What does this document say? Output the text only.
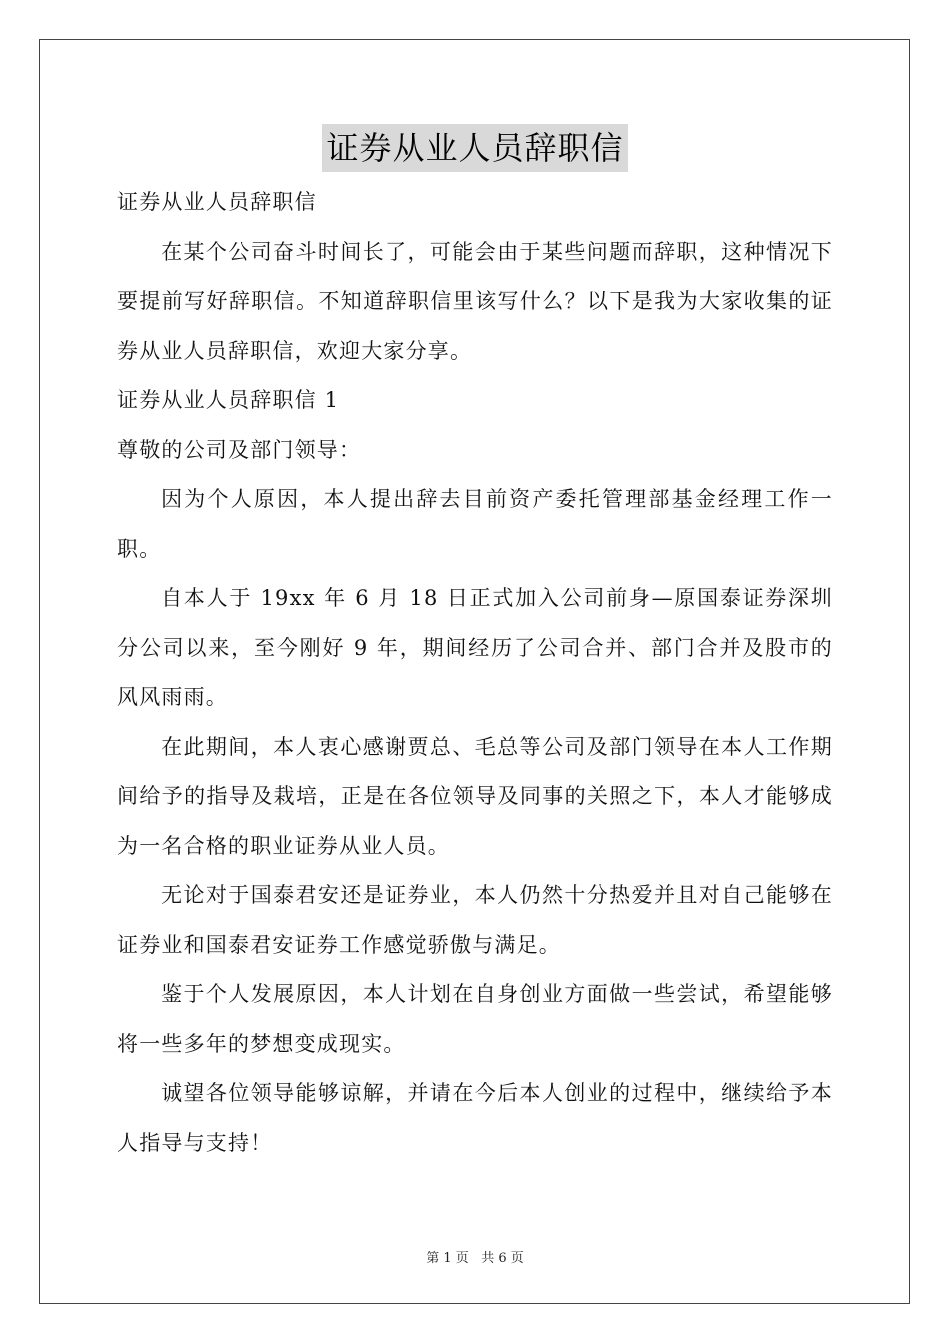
证券从业人员辞职信

证券从业人员辞职信

在某个公司奋斗时间长了，可能会由于某些问题而辞职，这种情况下要提前写好辞职信。不知道辞职信里该写什么？以下是我为大家收集的证券从业人员辞职信，欢迎大家分享。

证券从业人员辞职信 1

尊敬的公司及部门领导：

因为个人原因，本人提出辞去目前资产委托管理部基金经理工作一职。

自本人于 19xx 年 6 月 18 日正式加入公司前身—原国泰证券深圳分公司以来，至今刚好 9 年，期间经历了公司合并、部门合并及股市的风风雨雨。

在此期间，本人衷心感谢贾总、毛总等公司及部门领导在本人工作期间给予的指导及栽培，正是在各位领导及同事的关照之下，本人才能够成为一名合格的职业证券从业人员。

无论对于国泰君安还是证券业，本人仍然十分热爱并且对自己能够在证券业和国泰君安证券工作感觉骄傲与满足。

鉴于个人发展原因，本人计划在自身创业方面做一些尝试，希望能够将一些多年的梦想变成现实。

诚望各位领导能够谅解，并请在今后本人创业的过程中，继续给予本人指导与支持！

第 1 页   共 6 页
